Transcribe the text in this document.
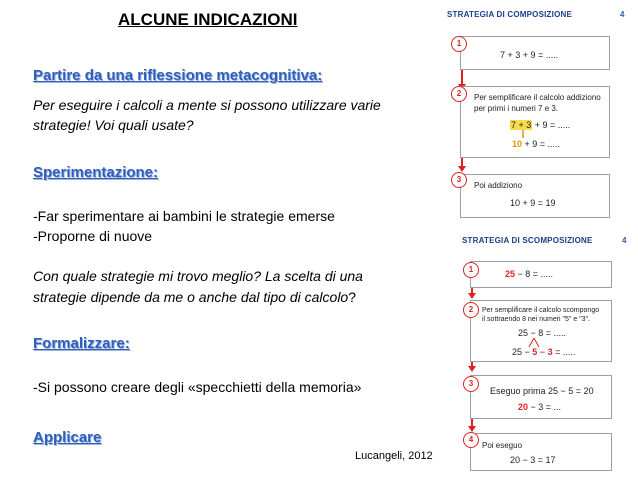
ALCUNE INDICAZIONI
Partire da una riflessione metacognitiva:
Per eseguire i calcoli a mente si possono utilizzare varie
strategie! Voi quali usate?
Sperimentazione:
-Far sperimentare ai bambini le strategie emerse
-Proporne di nuove
Con quale strategie mi trovo meglio? La scelta di una
strategie dipende da me o anche dal tipo di calcolo?
Formalizzare:
-Si possono creare degli «specchietti della memoria»
Applicare
Lucangeli, 2012
STRATEGIA DI COMPOSIZIONE	4
7 + 3 + 9 = .....
1
Per semplificare il calcolo addiziono
per primi i numeri 7 e 3.
7 + 3 + 9 = .....
10 + 9 = .....
2
Poi addiziono
10 + 9 = 19
3
STRATEGIA DI SCOMPOSIZIONE	4
25 − 8 = .....
1
Per semplificare il calcolo scompongo
il sottraendo 8 nei numeri "5" e "3".
25 − 8 = .....
25 − 5 − 3 = .....
2
Eseguo prima 25 − 5 = 20
20 − 3 = ...
3
Poi eseguo
20 − 3 = 17
4
